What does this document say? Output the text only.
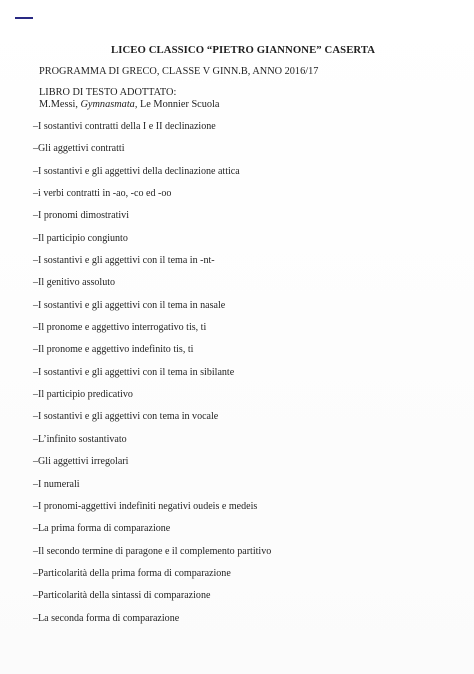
LICEO CLASSICO “PIETRO GIANNONE” CASERTA
PROGRAMMA DI GRECO, CLASSE V GINN.B, ANNO 2016/17
LIBRO DI TESTO ADOTTATO:
M.Messi, Gymnasmata, Le Monnier Scuola
–I sostantivi contratti della I e II declinazione
–Gli aggettivi contratti
–I sostantivi e gli aggettivi della declinazione attica
–i verbi contratti in -ao, -co ed -oo
–I pronomi dimostrativi
–Il participio congiunto
–I sostantivi e gli aggettivi con il tema in -nt-
–Il genitivo assoluto
–I sostantivi e gli aggettivi con il tema in nasale
–Il pronome e aggettivo interrogativo tis, ti
–Il pronome e aggettivo indefinito tis, ti
–I sostantivi e gli aggettivi con il tema in sibilante
–Il participio predicativo
–I sostantivi e gli aggettivi con tema in vocale
–L’infinito sostantivato
–Gli aggettivi irregolari
–I numerali
–I pronomi-aggettivi indefiniti negativi oudeis e medeis
–La prima forma di comparazione
–Il secondo termine di paragone e il complemento partitivo
–Particolarità della prima forma di comparazione
–Particolarità della sintassi di comparazione
–La seconda forma di comparazione
